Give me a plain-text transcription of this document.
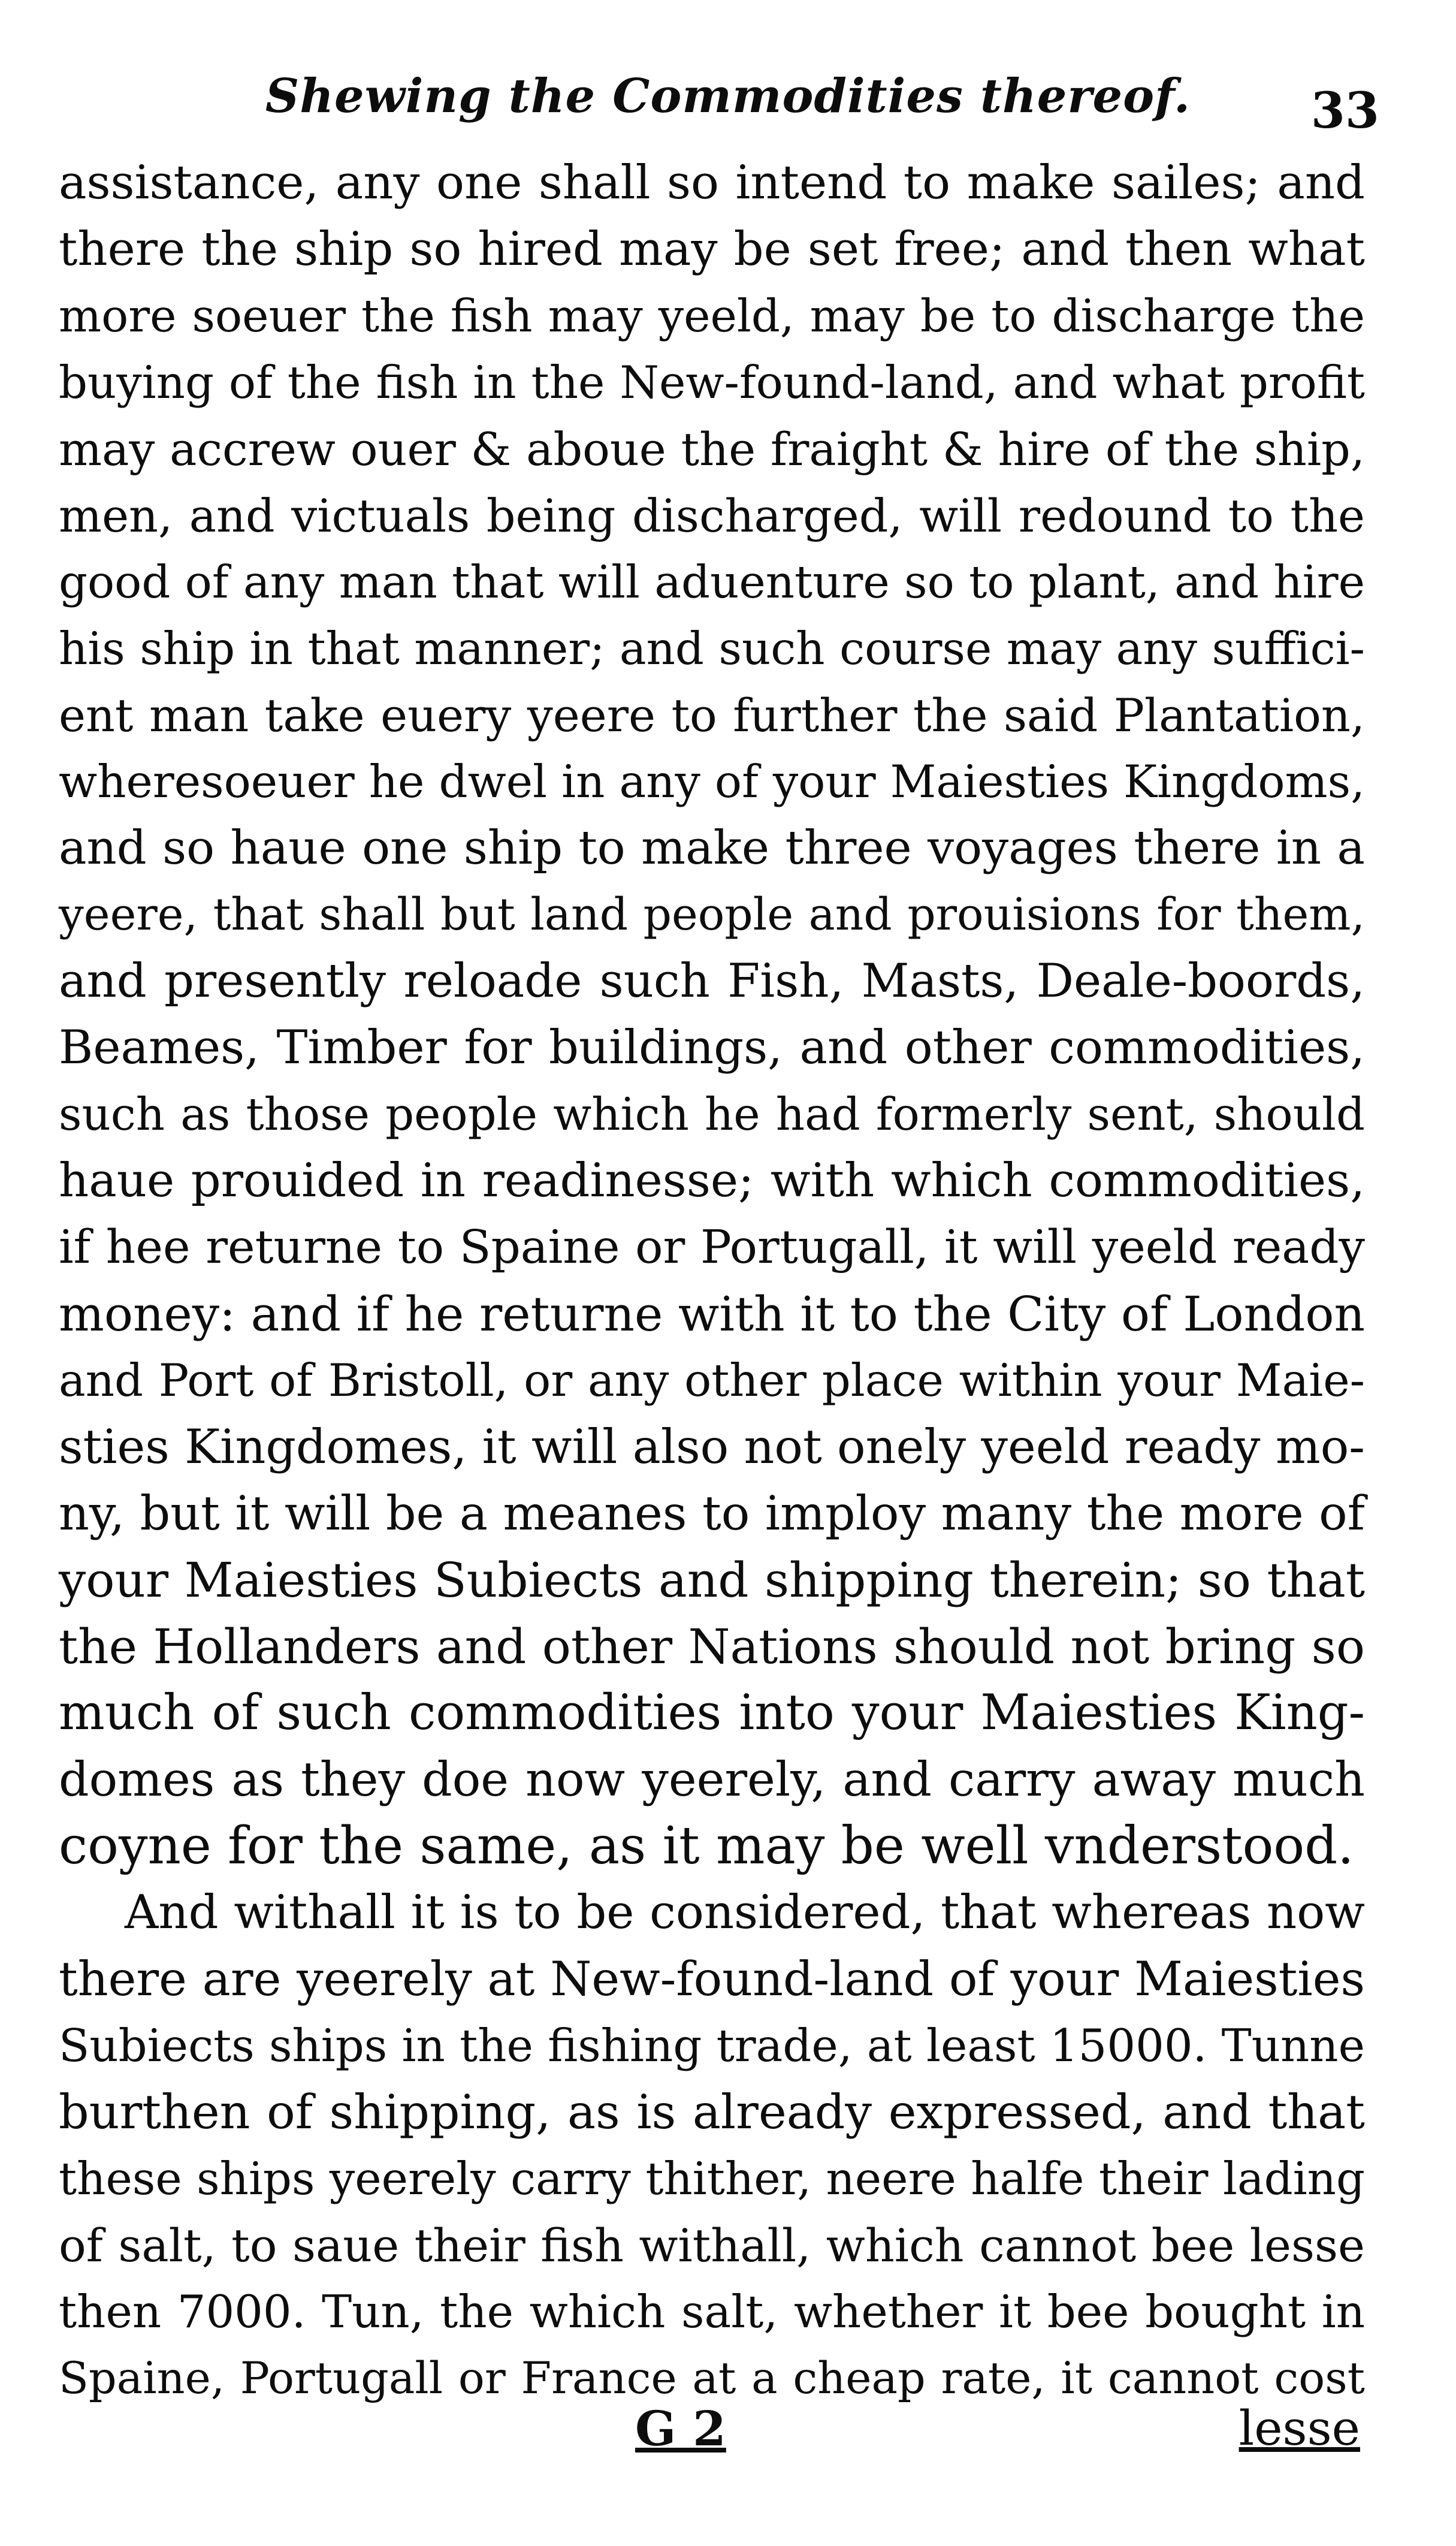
Shewing the Commodities thereof.	33
assistance, any one shall so intend to make sailes; and
there the ship so hired may be set free; and then what
more soeuer the fish may yeeld, may be to discharge the
buying of the fish in the New-found-land, and what profit
may accrew ouer & aboue the fraight & hire of the ship,
men, and victuals being discharged, will redound to the
good of any man that will aduenture so to plant, and hire
his ship in that manner; and such course may any suffici-
ent man take euery yeere to further the said Plantation,
wheresoeuer he dwel in any of your Maiesties Kingdoms,
and so haue one ship to make three voyages there in a
yeere, that shall but land people and prouisions for them,
and presently reloade such Fish, Masts, Deale-boords,
Beames, Timber for buildings, and other commodities,
such as those people which he had formerly sent, should
haue prouided in readinesse; with which commodities,
if hee returne to Spaine or Portugall, it will yeeld ready
money: and if he returne with it to the City of London
and Port of Bristoll, or any other place within your Maie-
sties Kingdomes, it will also not onely yeeld ready mo-
ny, but it will be a meanes to imploy many the more of
your Maiesties Subiects and shipping therein; so that
the Hollanders and other Nations should not bring so
much of such commodities into your Maiesties King-
domes as they doe now yeerely, and carry away much
coyne for the same, as it may be well vnderstood.
And withall it is to be considered, that whereas now
there are yeerely at New-found-land of your Maiesties
Subiects ships in the fishing trade, at least 15000. Tunne
burthen of shipping, as is already expressed, and that
these ships yeerely carry thither, neere halfe their lading
of salt, to saue their fish withall, which cannot bee lesse
then 7000. Tun, the which salt, whether it bee bought in
Spaine, Portugall or France at a cheap rate, it cannot cost
G 2	lesse
